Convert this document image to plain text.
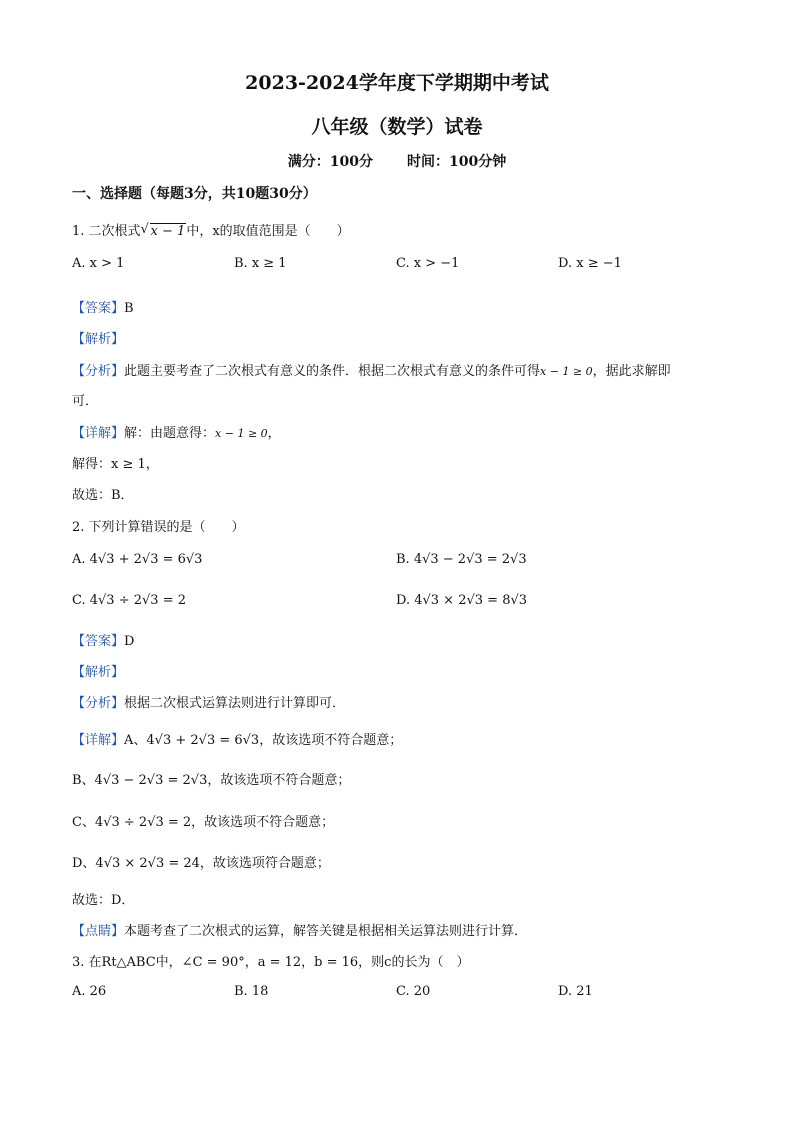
2023-2024学年度下学期期中考试
八年级（数学）试卷
满分：100分 时间：100分钟
一、选择题（每题3分，共10题30分）
1. 二次根式√ x − 1中，x的取值范围是（　　）
A. x > 1	B. x ≥ 1	C. x > −1	D. x ≥ −1
【答案】B
【解析】
【分析】此题主要考查了二次根式有意义的条件．根据二次根式有意义的条件可得x − 1 ≥ 0，据此求解即
可．
【详解】解：由题意得：x − 1 ≥ 0，
解得：x ≥ 1，
故选：B．
2. 下列计算错误的是（　　）
A. 4√3 + 2√3 = 6√3	B. 4√3 − 2√3 = 2√3
C. 4√3 ÷ 2√3 = 2	D. 4√3 × 2√3 = 8√3
【答案】D
【解析】
【分析】根据二次根式运算法则进行计算即可．
【详解】A、4√3 + 2√3 = 6√3，故该选项不符合题意；
B、4√3 − 2√3 = 2√3，故该选项不符合题意；
C、4√3 ÷ 2√3 = 2，故该选项不符合题意；
D、4√3 × 2√3 = 24，故该选项符合题意；
故选：D．
【点睛】本题考查了二次根式的运算，解答关键是根据相关运算法则进行计算．
3. 在Rt△ABC中，∠C = 90°，a = 12，b = 16，则c的长为（　）
A. 26	B. 18	C. 20	D. 21
